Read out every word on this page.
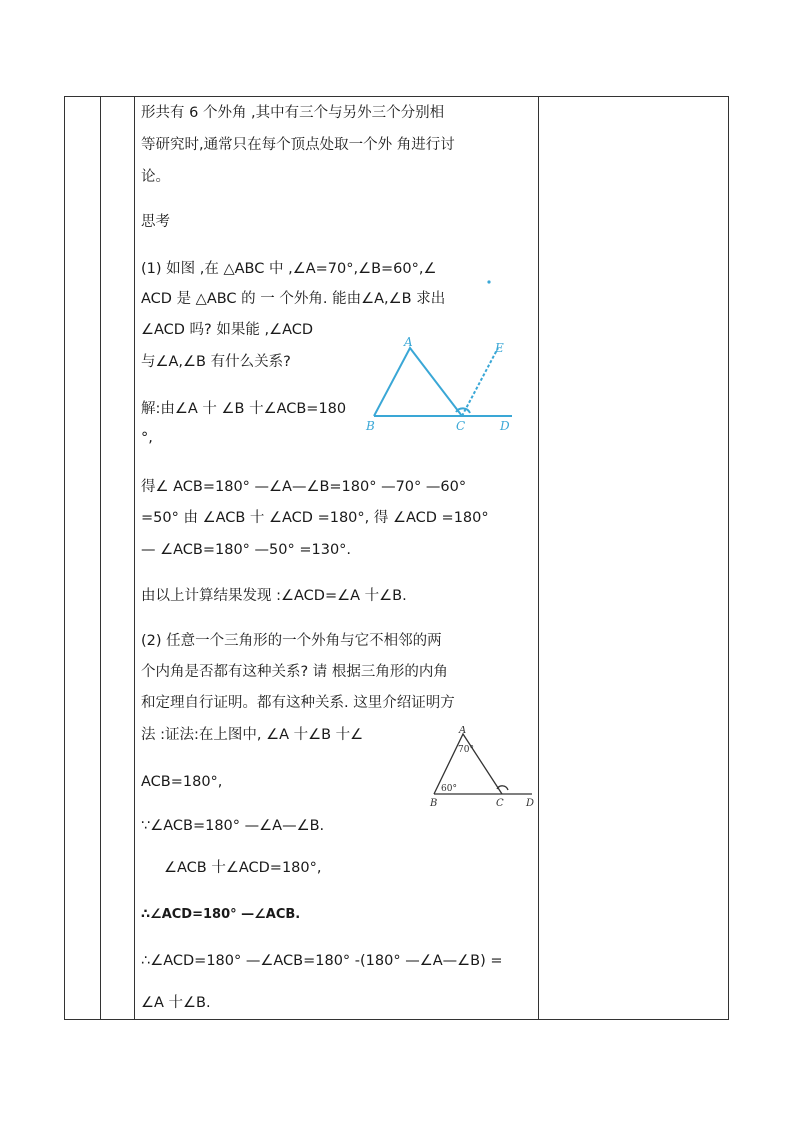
形共有 6 个外角 ,其中有三个与另外三个分别相
等研究时,通常只在每个顶点处取一个外 角进行讨
论。
思考
(1) 如图 ,在 △ABC 中 ,∠A=70°,∠B=60°,∠
ACD 是 △ABC 的 一 个外角. 能由∠A,∠B 求出
∠ACD 吗? 如果能 ,∠ACD
与∠A,∠B 有什么关系?
解:由∠A 十 ∠B 十∠ACB=180
°,
得∠ ACB=180° —∠A—∠B=180° —70° —60°
=50° 由 ∠ACB 十 ∠ACD =180°, 得 ∠ACD =180°
— ∠ACB=180° —50° =130°.
由以上计算结果发现 :∠ACD=∠A 十∠B.
(2) 任意一个三角形的一个外角与它不相邻的两
个内角是否都有这种关系? 请 根据三角形的内角
和定理自行证明。都有这种关系. 这里介绍证明方
法 :证法:在上图中, ∠A 十∠B 十∠
ACB=180°,
∵∠ACB=180° —∠A—∠B.
∠ACB 十∠ACD=180°,
∴∠ACD=180° —∠ACB.
∴∠ACD=180° —∠ACB=180° -(180° —∠A—∠B) =
∠A 十∠B.
A
B	C	D
E
A
B	C D
70°
60°
